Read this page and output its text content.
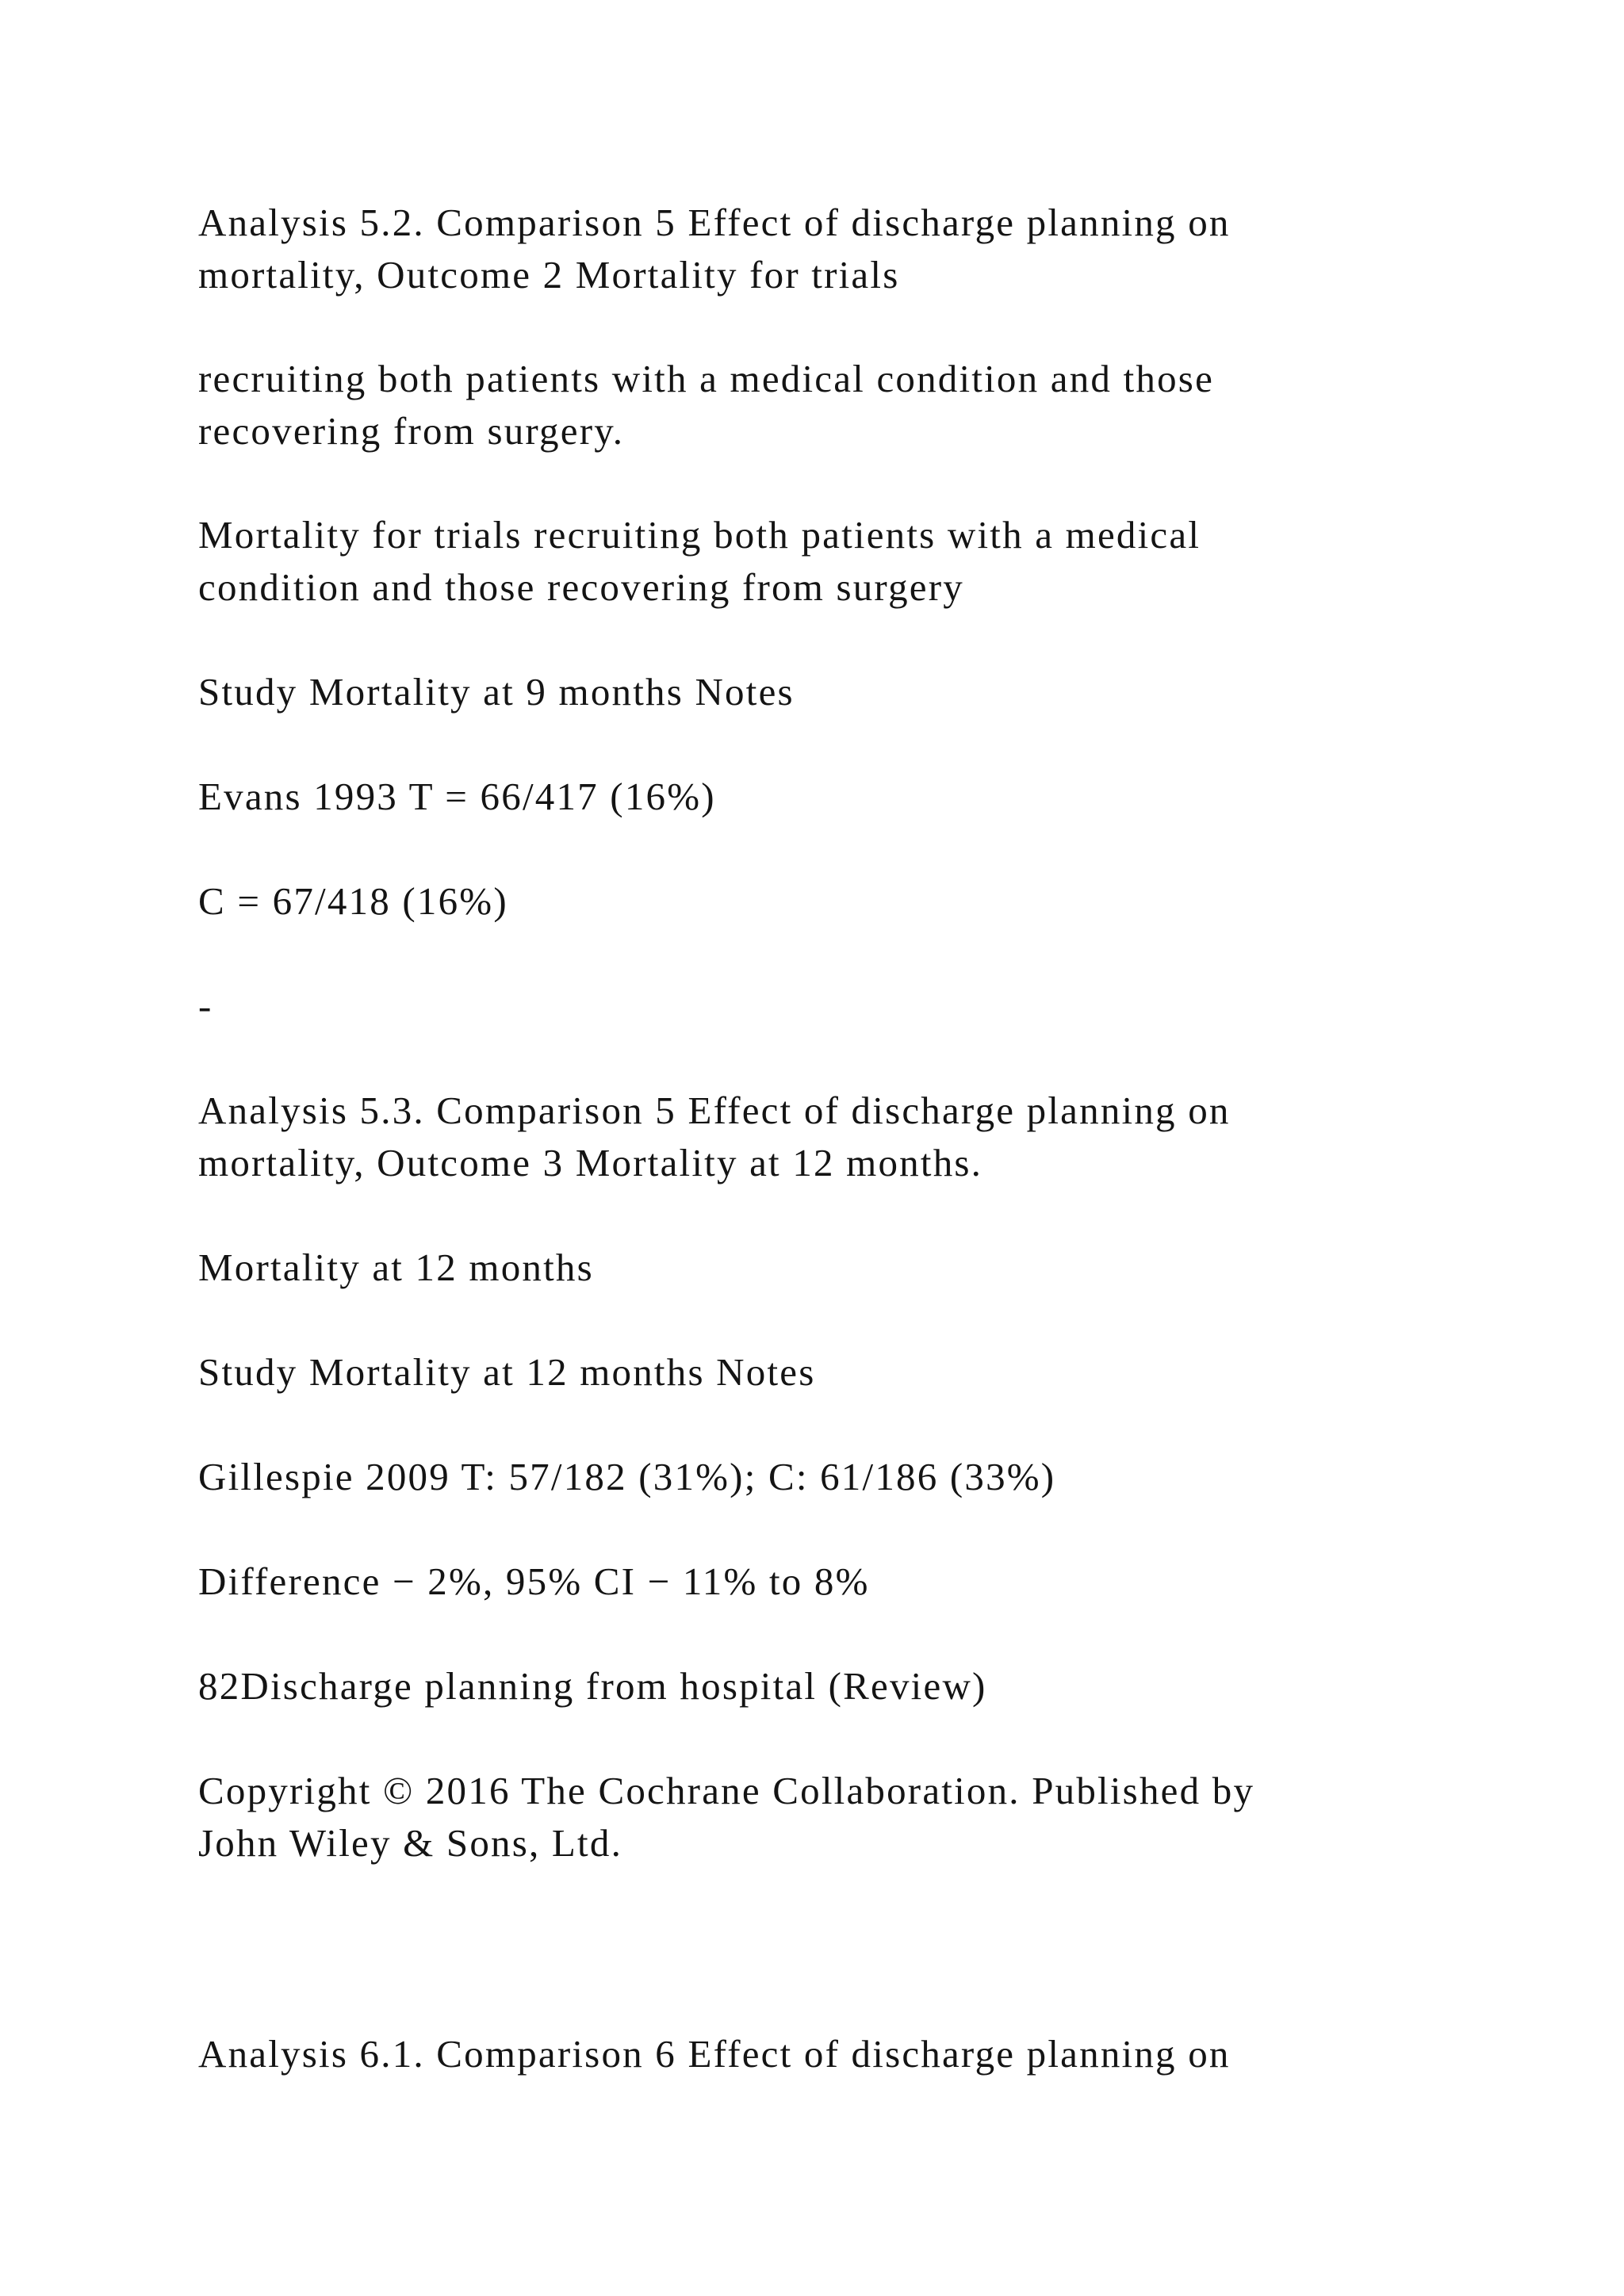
Analysis 5.2. Comparison 5 Effect of discharge planning on
mortality, Outcome 2 Mortality for trials

recruiting both patients with a medical condition and those
recovering from surgery.

Mortality for trials recruiting both patients with a medical
condition and those recovering from surgery

Study Mortality at 9 months Notes

Evans 1993 T = 66/417 (16%)

C = 67/418 (16%)

-

Analysis 5.3. Comparison 5 Effect of discharge planning on
mortality, Outcome 3 Mortality at 12 months.

Mortality at 12 months

Study Mortality at 12 months Notes

Gillespie 2009 T: 57/182 (31%); C: 61/186 (33%)

Difference − 2%, 95% CI − 11% to 8%

82Discharge planning from hospital (Review)

Copyright © 2016 The Cochrane Collaboration. Published by
John Wiley & Sons, Ltd.

Analysis 6.1. Comparison 6 Effect of discharge planning on
